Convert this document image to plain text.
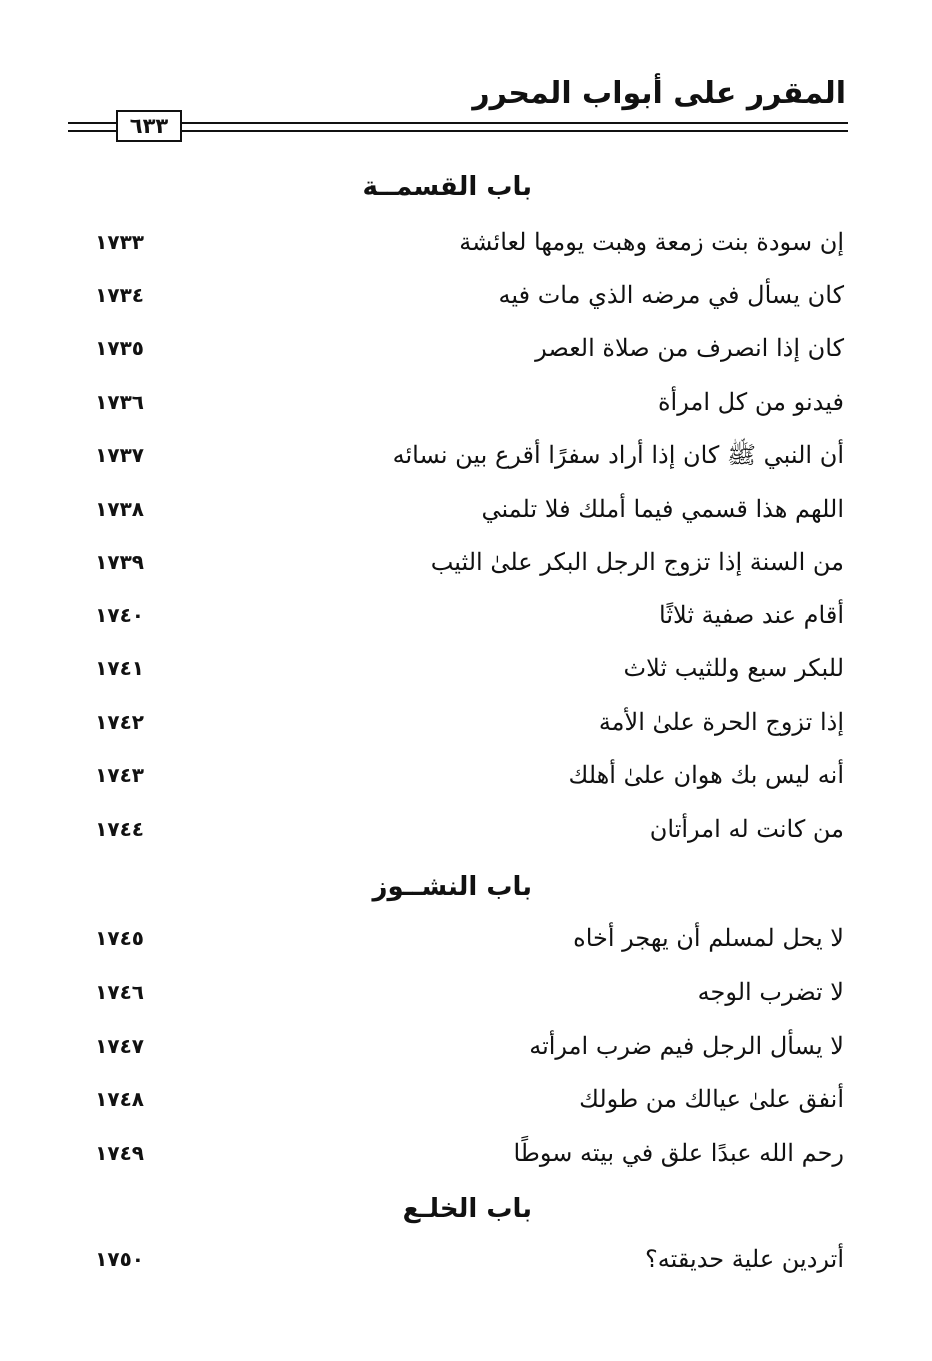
المقرر على أبواب المحرر
٦٣٣
باب القسمــة
إن سودة بنت زمعة وهبت يومها لعائشة
١٧٣٣
كان يسأل في مرضه الذي مات فيه
١٧٣٤
كان إذا انصرف من صلاة العصر
١٧٣٥
فيدنو من كل امرأة
١٧٣٦
أن النبي ﷺ كان إذا أراد سفرًا أقرع بين نسائه
١٧٣٧
اللهم هذا قسمي فيما أملك فلا تلمني
١٧٣٨
من السنة إذا تزوج الرجل البكر علىٰ الثيب
١٧٣٩
أقام عند صفية ثلاثًا
١٧٤٠
للبكر سبع وللثيب ثلاث
١٧٤١
إذا تزوج الحرة علىٰ الأمة
١٧٤٢
أنه ليس بك هوان علىٰ أهلك
١٧٤٣
من كانت له امرأتان
١٧٤٤
باب النشــوز
لا يحل لمسلم أن يهجر أخاه
١٧٤٥
لا تضرب الوجه
١٧٤٦
لا يسأل الرجل فيم ضرب امرأته
١٧٤٧
أنفق علىٰ عيالك من طولك
١٧٤٨
رحم الله عبدًا علق في بيته سوطًا
١٧٤٩
باب الخلـع
أتردين علية حديقته؟
١٧٥٠
